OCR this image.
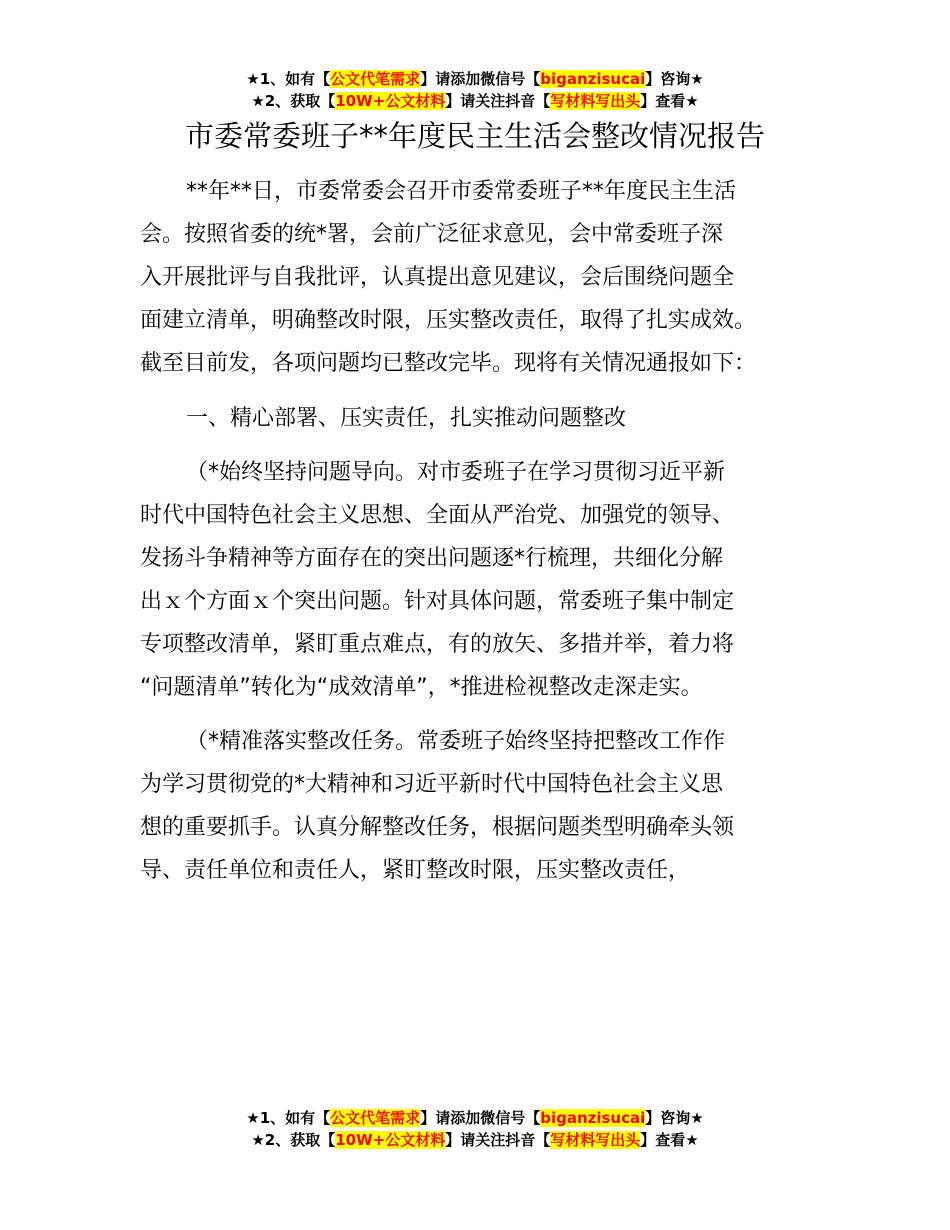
★1、如有【公文代笔需求】请添加微信号【biganzisucai】咨询★
★2、获取【10W+公文材料】请关注抖音【写材料写出头】查看★
市委常委班子**年度民主生活会整改情况报告
**年**日，市委常委会召开市委常委班子**年度民主生活
会。按照省委的统*署，会前广泛征求意见，会中常委班子深
入开展批评与自我批评，认真提出意见建议，会后围绕问题全
面建立清单，明确整改时限，压实整改责任，取得了扎实成效。
截至目前发，各项问题均已整改完毕。现将有关情况通报如下：
一、精心部署、压实责任，扎实推动问题整改
（*始终坚持问题导向。对市委班子在学习贯彻习近平新
时代中国特色社会主义思想、全面从严治党、加强党的领导、
发扬斗争精神等方面存在的突出问题逐*行梳理，共细化分解
出ｘ个方面ｘ个突出问题。针对具体问题，常委班子集中制定
专项整改清单，紧盯重点难点，有的放矢、多措并举，着力将
“问题清单”转化为“成效清单”，*推进检视整改走深走实。
（*精准落实整改任务。常委班子始终坚持把整改工作作
为学习贯彻党的*大精神和习近平新时代中国特色社会主义思
想的重要抓手。认真分解整改任务，根据问题类型明确牵头领
导、责任单位和责任人，紧盯整改时限，压实整改责任，
★1、如有【公文代笔需求】请添加微信号【biganzisucai】咨询★
★2、获取【10W+公文材料】请关注抖音【写材料写出头】查看★
